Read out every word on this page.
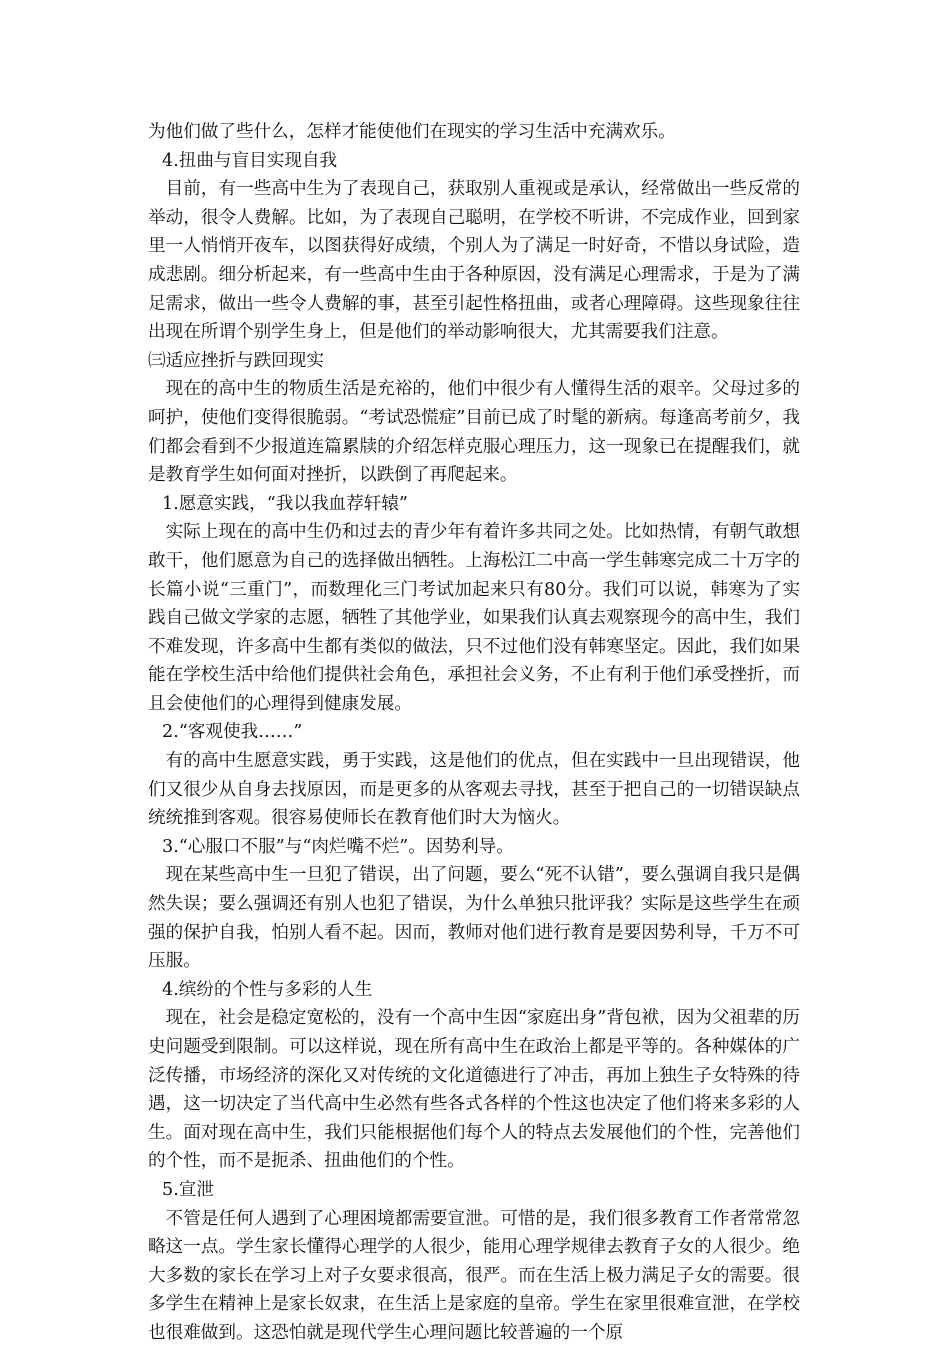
为他们做了些什么，怎样才能使他们在现实的学习生活中充满欢乐。

4.扭曲与盲目实现自我

目前，有一些高中生为了表现自己，获取别人重视或是承认，经常做出一些反常的举动，很令人费解。比如，为了表现自己聪明，在学校不听讲，不完成作业，回到家里一人悄悄开夜车，以图获得好成绩，个别人为了满足一时好奇，不惜以身试险，造成悲剧。细分析起来，有一些高中生由于各种原因，没有满足心理需求，于是为了满足需求，做出一些令人费解的事，甚至引起性格扭曲，或者心理障碍。这些现象往往出现在所谓个别学生身上，但是他们的举动影响很大，尤其需要我们注意。

㈢适应挫折与跌回现实

现在的高中生的物质生活是充裕的，他们中很少有人懂得生活的艰辛。父母过多的呵护，使他们变得很脆弱。“考试恐慌症”目前已成了时髦的新病。每逢高考前夕，我们都会看到不少报道连篇累牍的介绍怎样克服心理压力，这一现象已在提醒我们，就是教育学生如何面对挫折，以跌倒了再爬起来。

1.愿意实践，“我以我血荐轩辕”

实际上现在的高中生仍和过去的青少年有着许多共同之处。比如热情，有朝气敢想敢干，他们愿意为自己的选择做出牺牲。上海松江二中高一学生韩寒完成二十万字的长篇小说“三重门”，而数理化三门考试加起来只有80分。我们可以说，韩寒为了实践自己做文学家的志愿，牺牲了其他学业，如果我们认真去观察现今的高中生，我们不难发现，许多高中生都有类似的做法，只不过他们没有韩寒坚定。因此，我们如果能在学校生活中给他们提供社会角色，承担社会义务，不止有利于他们承受挫折，而且会使他们的心理得到健康发展。

2.“客观使我……”

有的高中生愿意实践，勇于实践，这是他们的优点，但在实践中一旦出现错误，他们又很少从自身去找原因，而是更多的从客观去寻找，甚至于把自己的一切错误缺点统统推到客观。很容易使师长在教育他们时大为恼火。

3.“心服口不服”与“肉烂嘴不烂”。因势利导。

现在某些高中生一旦犯了错误，出了问题，要么“死不认错”，要么强调自我只是偶然失误；要么强调还有别人也犯了错误，为什么单独只批评我？实际是这些学生在顽强的保护自我，怕别人看不起。因而，教师对他们进行教育是要因势利导，千万不可压服。

4.缤纷的个性与多彩的人生

现在，社会是稳定宽松的，没有一个高中生因“家庭出身”背包袱，因为父祖辈的历史问题受到限制。可以这样说，现在所有高中生在政治上都是平等的。各种媒体的广泛传播，市场经济的深化又对传统的文化道德进行了冲击，再加上独生子女特殊的待遇，这一切决定了当代高中生必然有些各式各样的个性这也决定了他们将来多彩的人生。面对现在高中生，我们只能根据他们每个人的特点去发展他们的个性，完善他们的个性，而不是扼杀、扭曲他们的个性。

5.宣泄

不管是任何人遇到了心理困境都需要宣泄。可惜的是，我们很多教育工作者常常忽略这一点。学生家长懂得心理学的人很少，能用心理学规律去教育子女的人很少。绝大多数的家长在学习上对子女要求很高，很严。而在生活上极力满足子女的需要。很多学生在精神上是家长奴隶，在生活上是家庭的皇帝。学生在家里很难宣泄，在学校也很难做到。这恐怕就是现代学生心理问题比较普遍的一个原
